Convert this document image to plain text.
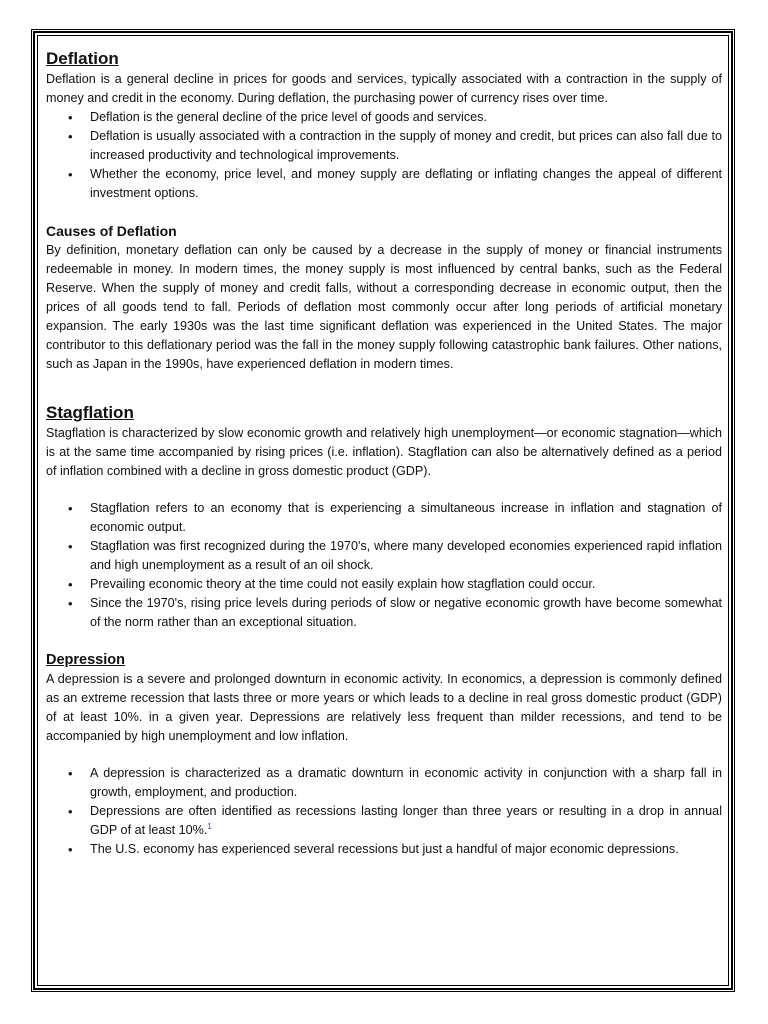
Deflation

Deflation is a general decline in prices for goods and services, typically associated with a contraction in the supply of money and credit in the economy. During deflation, the purchasing power of currency rises over time.

• Deflation is the general decline of the price level of goods and services.
• Deflation is usually associated with a contraction in the supply of money and credit, but prices can also fall due to increased productivity and technological improvements.
• Whether the economy, price level, and money supply are deflating or inflating changes the appeal of different investment options.
Causes of Deflation

By definition, monetary deflation can only be caused by a decrease in the supply of money or financial instruments redeemable in money. In modern times, the money supply is most influenced by central banks, such as the Federal Reserve. When the supply of money and credit falls, without a corresponding decrease in economic output, then the prices of all goods tend to fall. Periods of deflation most commonly occur after long periods of artificial monetary expansion. The early 1930s was the last time significant deflation was experienced in the United States. The major contributor to this deflationary period was the fall in the money supply following catastrophic bank failures. Other nations, such as Japan in the 1990s, have experienced deflation in modern times.

Stagflation

Stagflation is characterized by slow economic growth and relatively high unemployment—or economic stagnation—which is at the same time accompanied by rising prices (i.e. inflation). Stagflation can also be alternatively defined as a period of inflation combined with a decline in gross domestic product (GDP).

• Stagflation refers to an economy that is experiencing a simultaneous increase in inflation and stagnation of economic output.
• Stagflation was first recognized during the 1970's, where many developed economies experienced rapid inflation and high unemployment as a result of an oil shock.
• Prevailing economic theory at the time could not easily explain how stagflation could occur.
• Since the 1970's, rising price levels during periods of slow or negative economic growth have become somewhat of the norm rather than an exceptional situation.
Depression

A depression is a severe and prolonged downturn in economic activity. In economics, a depression is commonly defined as an extreme recession that lasts three or more years or which leads to a decline in real gross domestic product (GDP) of at least 10%. in a given year. Depressions are relatively less frequent than milder recessions, and tend to be accompanied by high unemployment and low inflation.

• A depression is characterized as a dramatic downturn in economic activity in conjunction with a sharp fall in growth, employment, and production.
• Depressions are often identified as recessions lasting longer than three years or resulting in a drop in annual GDP of at least 10%.$^1$
• The U.S. economy has experienced several recessions but just a handful of major economic depressions.
